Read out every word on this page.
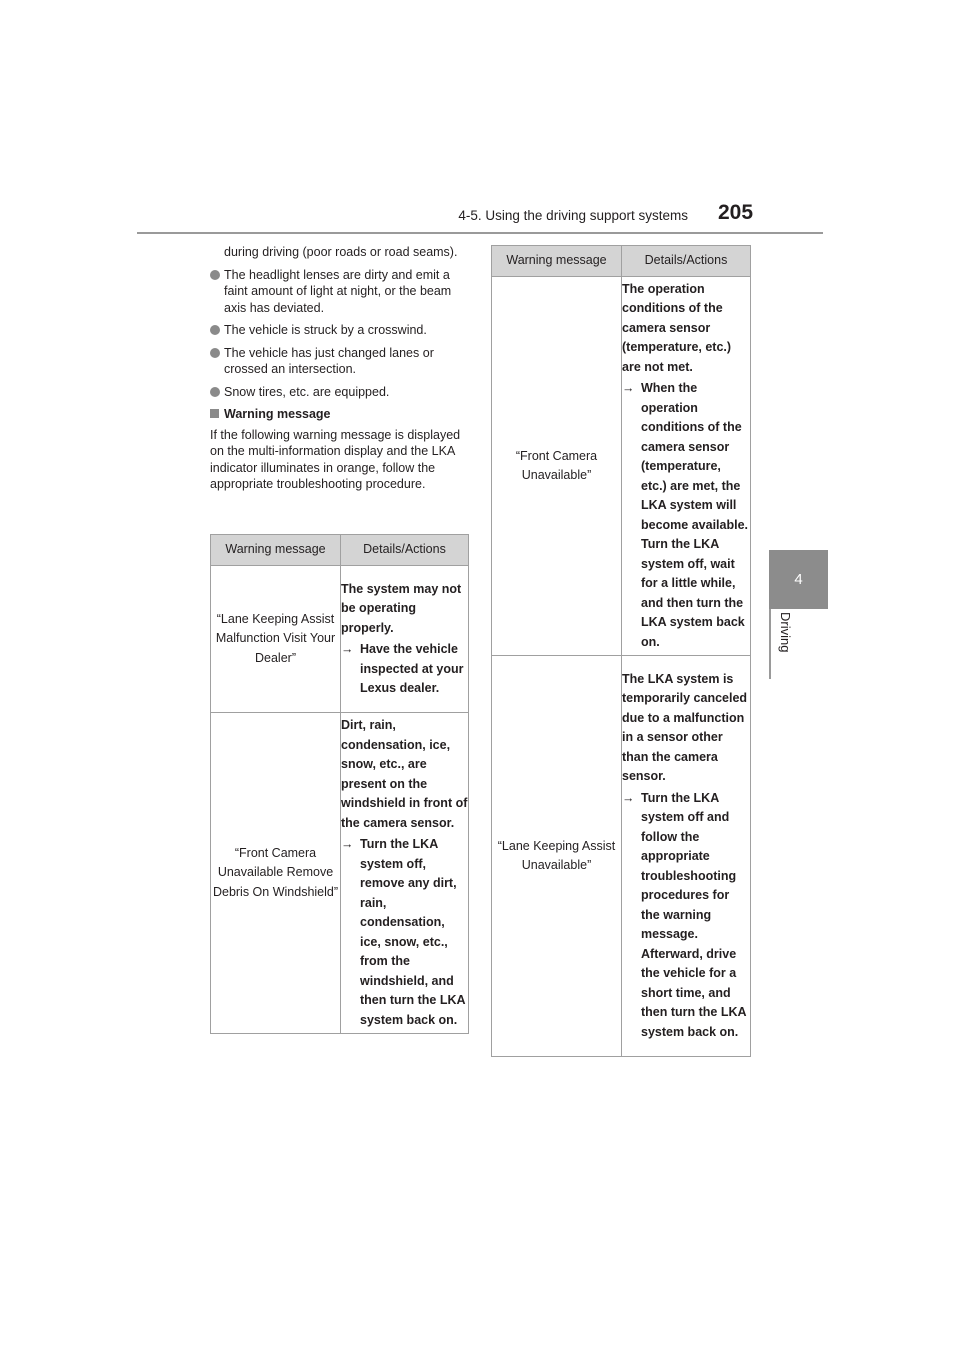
4-5. Using the driving support systems 205
4
Driving

during driving (poor roads or road seams).

The headlight lenses are dirty and emit a faint amount of light at night, or the beam axis has deviated.

The vehicle is struck by a crosswind.

The vehicle has just changed lanes or crossed an intersection.

Snow tires, etc. are equipped.

Warning message

If the following warning message is displayed on the multi-information display and the LKA indicator illuminates in orange, follow the appropriate troubleshooting procedure.

Warning message	Details/Actions
“Lane Keeping Assist Malfunction Visit Your Dealer”	The system may not be operating properly.
→ Have the vehicle inspected at your Lexus dealer.

“Front Camera Unavailable Remove Debris On Windshield”	Dirt, rain, condensation, ice, snow, etc., are present on the windshield in front of the camera sensor.
→ Turn the LKA system off, remove any dirt, rain, condensation, ice, snow, etc., from the windshield, and then turn the LKA system back on.
Warning message	Details/Actions
“Front Camera Unavailable”	The operation conditions of the camera sensor (temperature, etc.) are not met.
→ When the operation conditions of the camera sensor (temperature, etc.) are met, the LKA system will become available. Turn the LKA system off, wait for a little while, and then turn the LKA system back on.

“Lane Keeping Assist Unavailable”	The LKA system is temporarily canceled due to a malfunction in a sensor other than the camera sensor.
→ Turn the LKA system off and follow the appropriate troubleshooting procedures for the warning message. Afterward, drive the vehicle for a short time, and then turn the LKA system back on.
